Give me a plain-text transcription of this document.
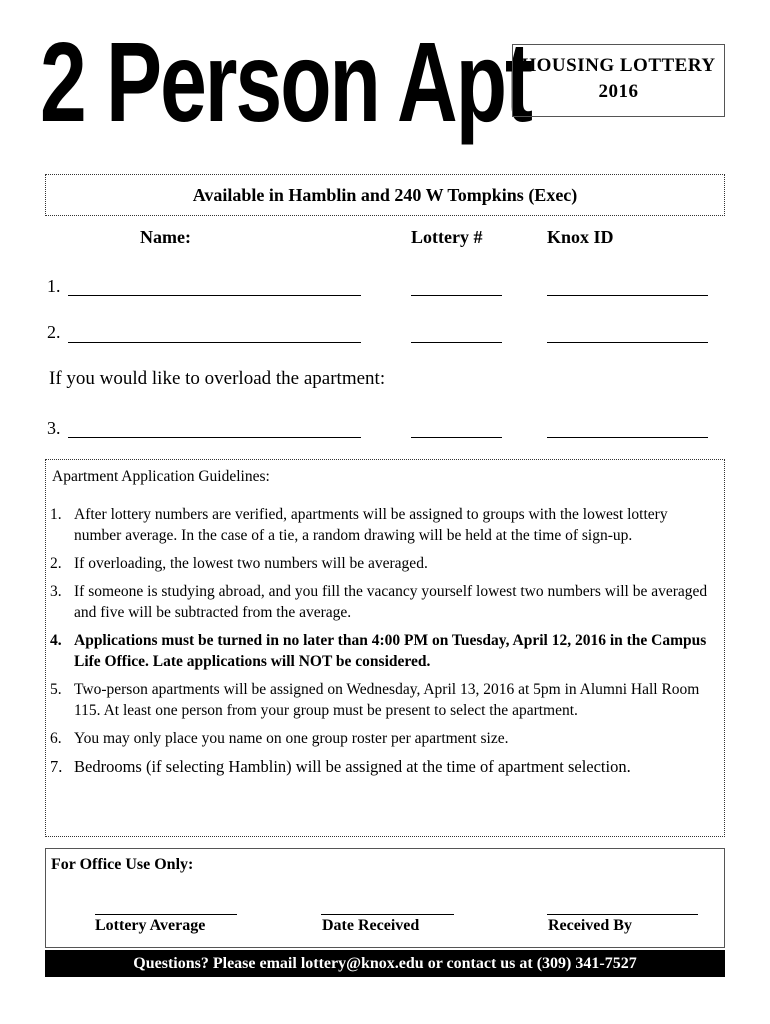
2 Person Apt
HOUSING LOTTERY
2016
Available in Hamblin and 240 W Tompkins (Exec)
Name:	Lottery #	Knox ID
1.
2.
If you would like to overload the apartment:
3.
Apartment Application Guidelines:
1. After lottery numbers are verified, apartments will be assigned to groups with the lowest lottery number average. In the case of a tie, a random drawing will be held at the time of sign-up.
2. If overloading, the lowest two numbers will be averaged.
3. If someone is studying abroad, and you fill the vacancy yourself lowest two numbers will be averaged and five will be subtracted from the average.
4. Applications must be turned in no later than 4:00 PM on Tuesday, April 12, 2016 in the Campus Life Office. Late applications will NOT be considered.
5. Two-person apartments will be assigned on Wednesday, April 13, 2016 at 5pm in Alumni Hall Room 115. At least one person from your group must be present to select the apartment.
6. You may only place you name on one group roster per apartment size.
7. Bedrooms (if selecting Hamblin) will be assigned at the time of apartment selection.
For Office Use Only:
Lottery Average	Date Received	Received By
Questions? Please email lottery@knox.edu or contact us at (309) 341-7527
